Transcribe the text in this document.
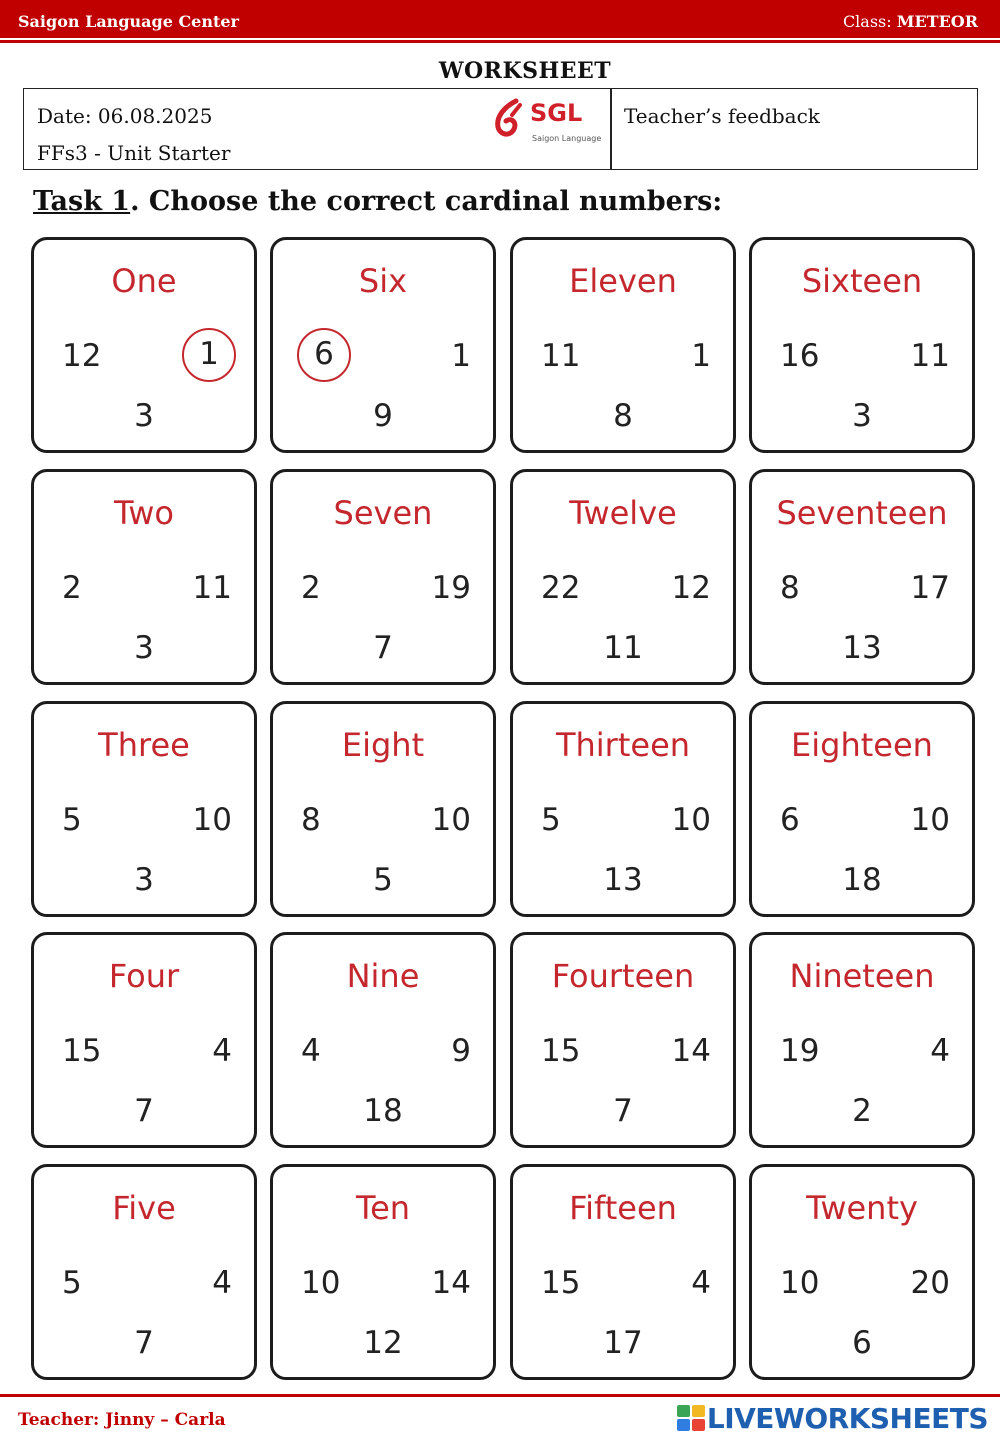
Saigon Language Center	Class: METEOR
WORKSHEET
Date: 06.08.2025
FFs3 - Unit Starter
SGL
Saigon Language
Teacher’s feedback
Task 1. Choose the correct cardinal numbers:
One
12	1
3
Six
6	1
9
Eleven
11	1
8
Sixteen
16	11
3
Two
2	11
3
Seven
2	19
7
Twelve
22	12
11
Seventeen
8	17
13
Three
5	10
3
Eight
8	10
5
Thirteen
5	10
13
Eighteen
6	10
18
Four
15	4
7
Nine
4	9
18
Fourteen
15	14
7
Nineteen
19	4
2
Five
5	4
7
Ten
10	14
12
Fifteen
15	4
17
Twenty
10	20
6
Teacher: Jinny – Carla	LIVEWORKSHEETS
